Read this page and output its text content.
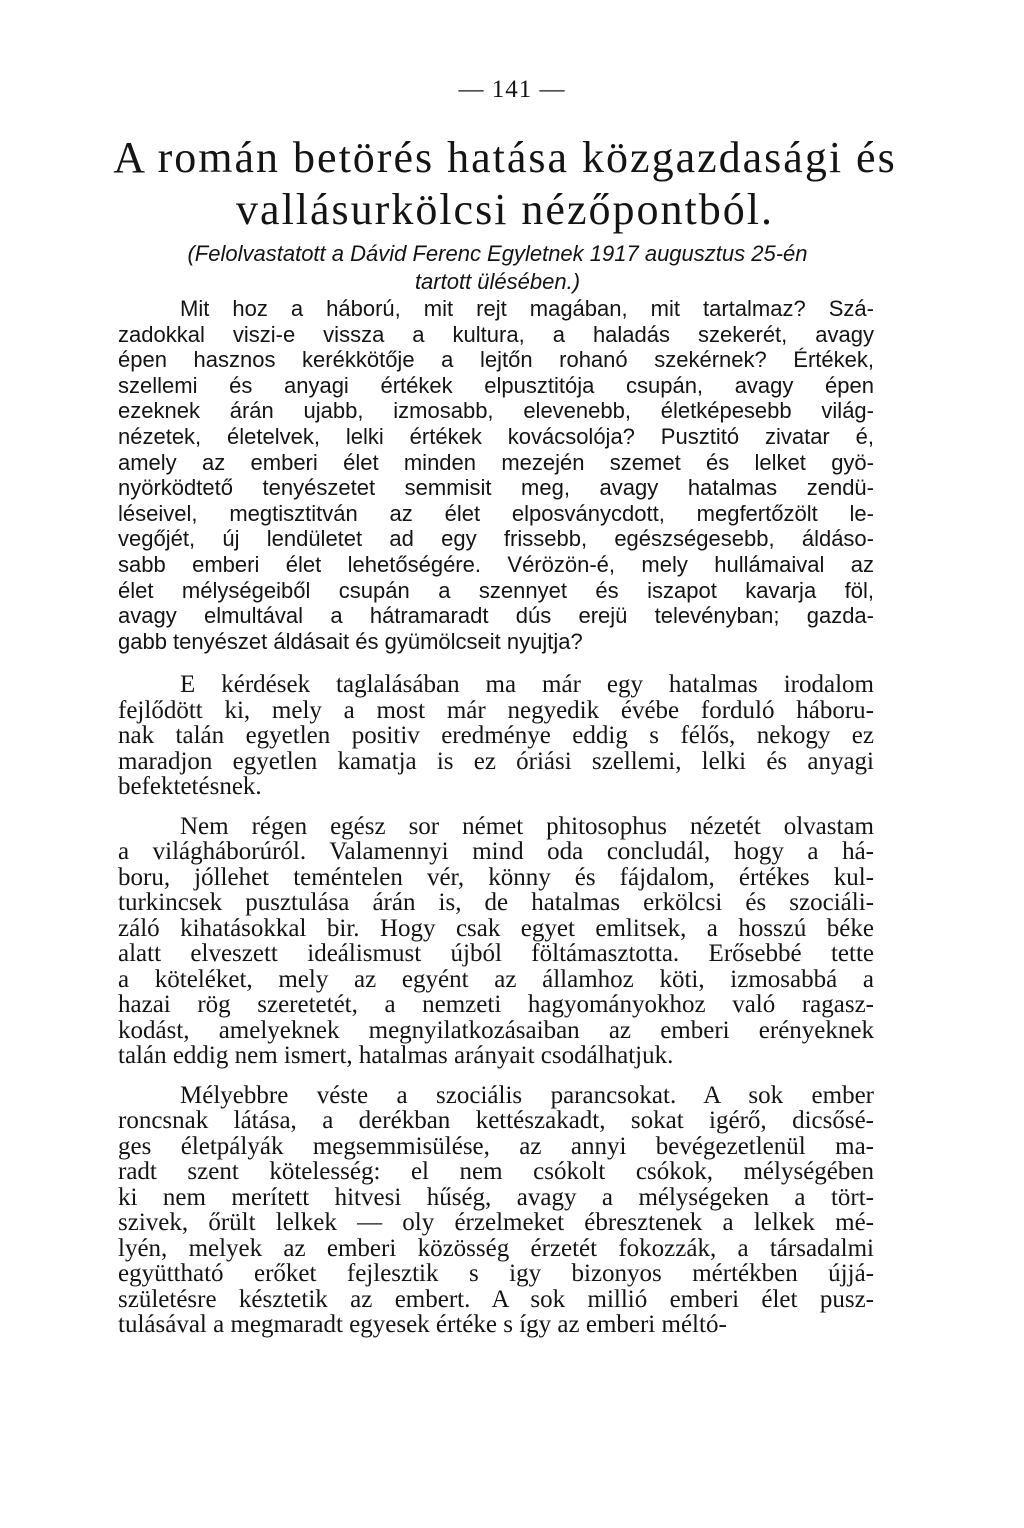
— 141 —
A román betörés hatása közgazdasági és
vallásurkölcsi nézőpontból.
(Felolvastatott a Dávid Ferenc Egyletnek 1917 augusztus 25-én
tartott ülésében.)
Mit hoz a háború, mit rejt magában, mit tartalmaz? Szá-
zadokkal viszi-e vissza a kultura, a haladás szekerét, avagy
épen hasznos kerékkötője a lejtőn rohanó szekérnek? Értékek,
szellemi és anyagi értékek elpusztitója csupán, avagy épen
ezeknek árán ujabb, izmosabb, elevenebb, életképesebb világ-
nézetek, életelvek, lelki értékek kovácsolója? Pusztitó zivatar é,
amely az emberi élet minden mezején szemet és lelket gyö-
nyörködtető tenyészetet semmisit meg, avagy hatalmas zendü-
léseivel, megtisztitván az élet elposványcdott, megfertőzölt le-
vegőjét, új lendületet ad egy frissebb, egészségesebb, áldáso-
sabb emberi élet lehetőségére. Vérözön-é, mely hullámaival az
élet mélységeiből csupán a szennyet és iszapot kavarja föl,
avagy elmultával a hátramaradt dús erejü televényban; gazda-
gabb tenyészet áldásait és gyümölcseit nyujtja?
E kérdések taglalásában ma már egy hatalmas irodalom
fejlődött ki, mely a most már negyedik évébe forduló háboru-
nak talán egyetlen positiv eredménye eddig s félős, nekogy ez
maradjon egyetlen kamatja is ez óriási szellemi, lelki és anyagi
befektetésnek.
Nem régen egész sor német phitosophus nézetét olvastam
a világháborúról. Valamennyi mind oda concludál, hogy a há-
boru, jóllehet teméntelen vér, könny és fájdalom, értékes kul-
turkincsek pusztulása árán is, de hatalmas erkölcsi és szociáli-
záló kihatásokkal bir. Hogy csak egyet emlitsek, a hosszú béke
alatt elveszett ideálismust újból föltámasztotta. Erősebbé tette
a köteléket, mely az egyént az államhoz köti, izmosabbá a
hazai rög szeretetét, a nemzeti hagyományokhoz való ragasz-
kodást, amelyeknek megnyilatkozásaiban az emberi erényeknek
talán eddig nem ismert, hatalmas arányait csodálhatjuk.
Mélyebbre véste a szociális parancsokat. A sok ember
roncsnak látása, a derékban kettészakadt, sokat igérő, dicsősé-
ges életpályák megsemmisülése, az annyi bevégezetlenül ma-
radt szent kötelesség: el nem csókolt csókok, mélységében
ki nem merített hitvesi hűség, avagy a mélységeken a tört-
szivek, őrült lelkek — oly érzelmeket ébresztenek a lelkek mé-
lyén, melyek az emberi közösség érzetét fokozzák, a társadalmi
együttható erőket fejlesztik s igy bizonyos mértékben újjá-
születésre késztetik az embert. A sok millió emberi élet pusz-
tulásával a megmaradt egyesek értéke s így az emberi méltó-
